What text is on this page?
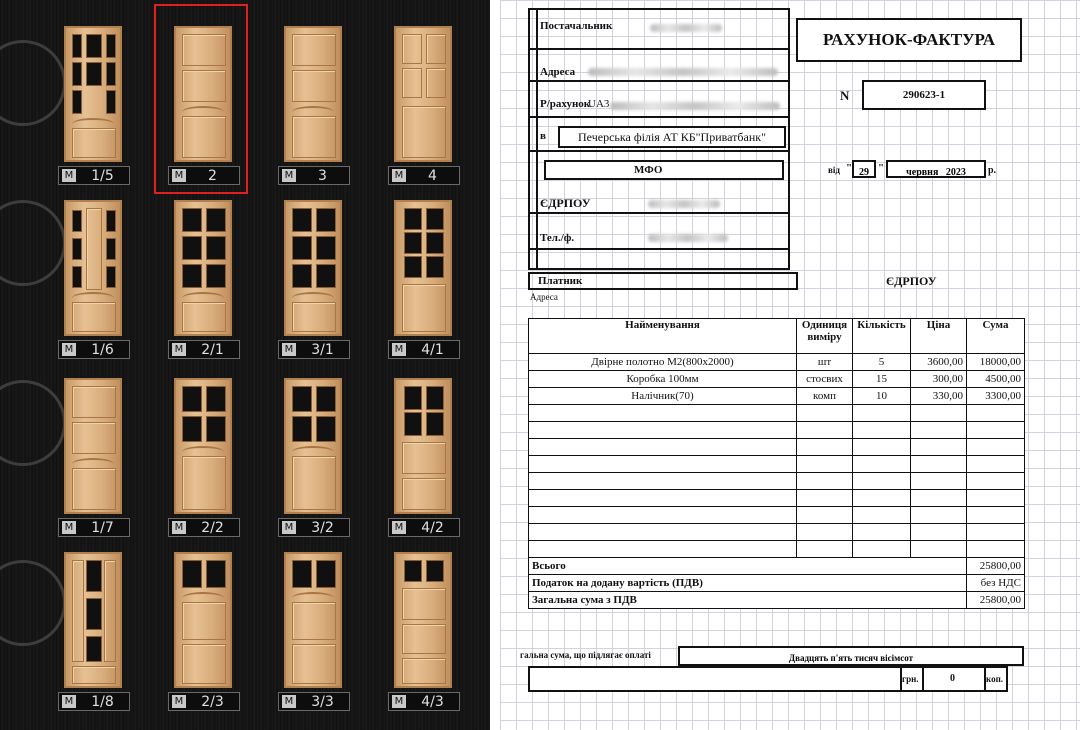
M	1/5	M	2	M	3	M	4
M	1/6	M	2/1	M	3/1	M	4/1
M	1/7	M	2/2	M	3/2	M	4/2
M	1/8	M	2/3	M	3/3	M	4/3
Постачальник
Адреса
Р/рахунок
UA3
в	Печерська філія АТ КБ"Приватбанк"
МФО
ЄДРПОУ
Тел./ф.
РАХУНОК-ФАКТУРА
N	290623-1
від " 29 "	червня   2023	р.
Платник	ЄДРПОУ
Адреса
Найменування	Одиниця виміру	Кількість	Ціна	Сума
Двірне полотно М2(800х2000)	шт	5	3600,00	18000,00
Коробка 100мм	стосвих	15	300,00	4500,00
Налічник(70)	комп	10	330,00	3300,00

Всього				25800,00
Податок на додану вартість (ПДВ)				без НДС
Загальна сума з ПДВ				25800,00
гальна сума, що підлягає оплаті	Двадцять п'ять тисяч вісімсот
грн.	0	коп.
